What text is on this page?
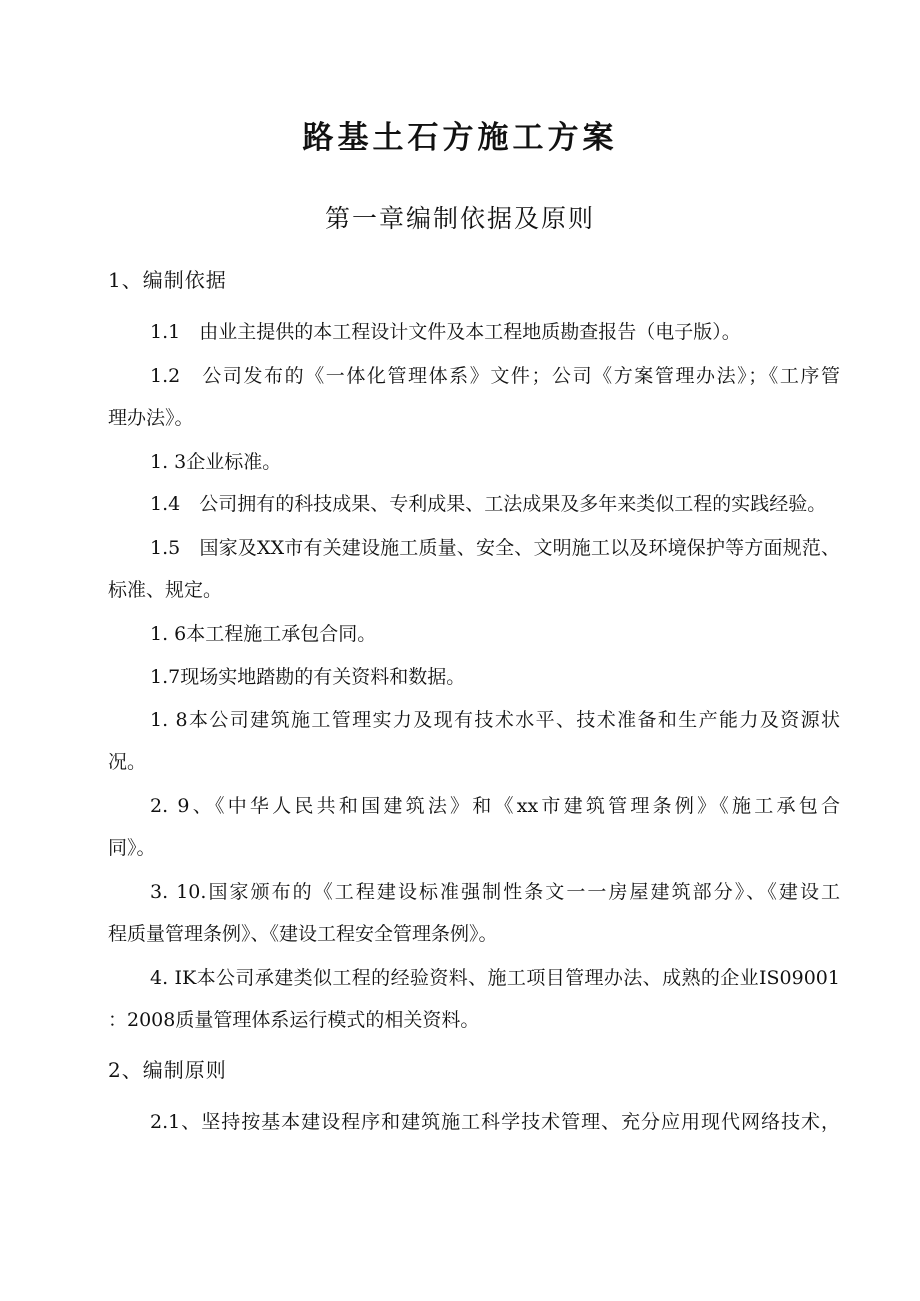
路基土石方施工方案
第一章编制依据及原则
1、编制依据

1.1　由业主提供的本工程设计文件及本工程地质勘查报告（电子版）。

1.2　公司发布的《一体化管理体系》文件；公司《方案管理办法》；《工序管

理办法》。

1. 3企业标准。

1.4　公司拥有的科技成果、专利成果、工法成果及多年来类似工程的实践经验。

1.5　国家及XX市有关建设施工质量、安全、文明施工以及环境保护等方面规范、

标准、规定。

1. 6本工程施工承包合同。

1.7现场实地踏勘的有关资料和数据。

1. 8本公司建筑施工管理实力及现有技术水平、技术准备和生产能力及资源状

况。

2. 9、《中华人民共和国建筑法》和《xx市建筑管理条例》《施工承包合

同》。

3. 10.国家颁布的《工程建设标准强制性条文一一房屋建筑部分》、《建设工

程质量管理条例》、《建设工程安全管理条例》。

4. IK本公司承建类似工程的经验资料、施工项目管理办法、成熟的企业IS09001

：2008质量管理体系运行模式的相关资料。

2、编制原则

2.1、坚持按基本建设程序和建筑施工科学技术管理、充分应用现代网络技术，
